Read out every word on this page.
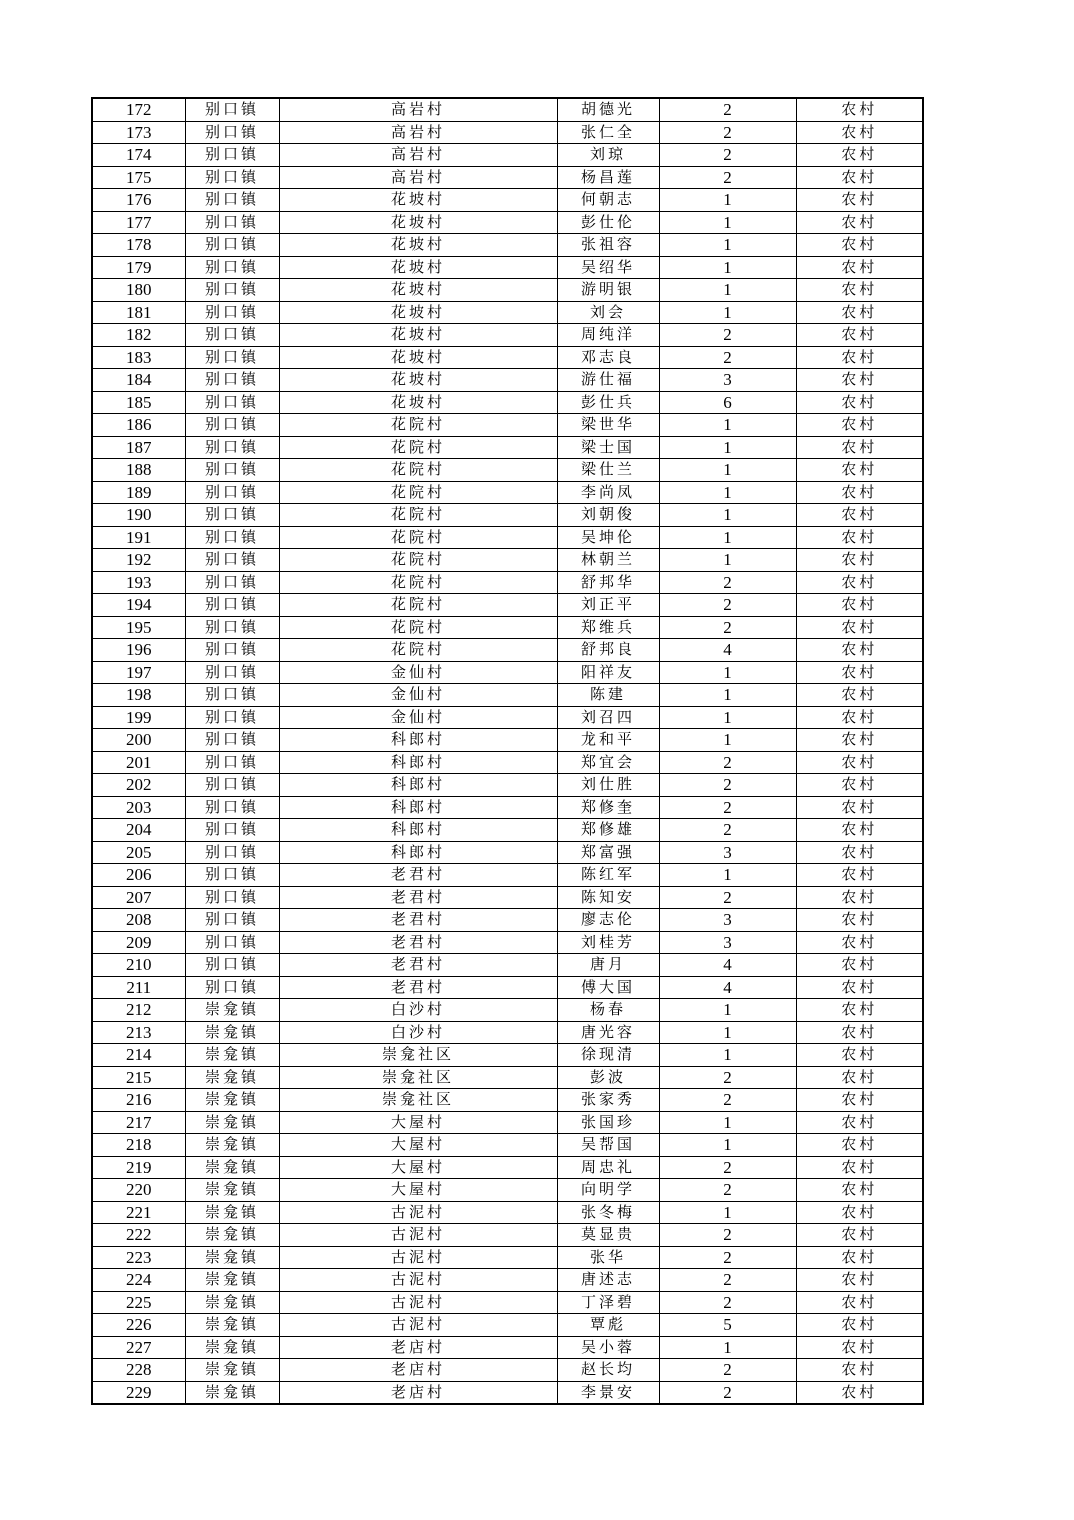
172	别口镇	高岩村	胡德光	2	农村
173	别口镇	高岩村	张仁全	2	农村
174	别口镇	高岩村	刘琼	2	农村
175	别口镇	高岩村	杨昌莲	2	农村
176	别口镇	花坡村	何朝志	1	农村
177	别口镇	花坡村	彭仕伦	1	农村
178	别口镇	花坡村	张祖容	1	农村
179	别口镇	花坡村	吴绍华	1	农村
180	别口镇	花坡村	游明银	1	农村
181	别口镇	花坡村	刘会	1	农村
182	别口镇	花坡村	周纯洋	2	农村
183	别口镇	花坡村	邓志良	2	农村
184	别口镇	花坡村	游仕福	3	农村
185	别口镇	花坡村	彭仕兵	6	农村
186	别口镇	花院村	梁世华	1	农村
187	别口镇	花院村	梁士国	1	农村
188	别口镇	花院村	梁仕兰	1	农村
189	别口镇	花院村	李尚凤	1	农村
190	别口镇	花院村	刘朝俊	1	农村
191	别口镇	花院村	吴坤伦	1	农村
192	别口镇	花院村	林朝兰	1	农村
193	别口镇	花院村	舒邦华	2	农村
194	别口镇	花院村	刘正平	2	农村
195	别口镇	花院村	郑维兵	2	农村
196	别口镇	花院村	舒邦良	4	农村
197	别口镇	金仙村	阳祥友	1	农村
198	别口镇	金仙村	陈建	1	农村
199	别口镇	金仙村	刘召四	1	农村
200	别口镇	科郎村	龙和平	1	农村
201	别口镇	科郎村	郑宜会	2	农村
202	别口镇	科郎村	刘仕胜	2	农村
203	别口镇	科郎村	郑修奎	2	农村
204	别口镇	科郎村	郑修雄	2	农村
205	别口镇	科郎村	郑富强	3	农村
206	别口镇	老君村	陈红军	1	农村
207	别口镇	老君村	陈知安	2	农村
208	别口镇	老君村	廖志伦	3	农村
209	别口镇	老君村	刘桂芳	3	农村
210	别口镇	老君村	唐月	4	农村
211	别口镇	老君村	傅大国	4	农村
212	崇龛镇	白沙村	杨春	1	农村
213	崇龛镇	白沙村	唐光容	1	农村
214	崇龛镇	崇龛社区	徐现清	1	农村
215	崇龛镇	崇龛社区	彭波	2	农村
216	崇龛镇	崇龛社区	张家秀	2	农村
217	崇龛镇	大屋村	张国珍	1	农村
218	崇龛镇	大屋村	吴帮国	1	农村
219	崇龛镇	大屋村	周忠礼	2	农村
220	崇龛镇	大屋村	向明学	2	农村
221	崇龛镇	古泥村	张冬梅	1	农村
222	崇龛镇	古泥村	莫显贵	2	农村
223	崇龛镇	古泥村	张华	2	农村
224	崇龛镇	古泥村	唐述志	2	农村
225	崇龛镇	古泥村	丁泽碧	2	农村
226	崇龛镇	古泥村	覃彪	5	农村
227	崇龛镇	老店村	吴小蓉	1	农村
228	崇龛镇	老店村	赵长均	2	农村
229	崇龛镇	老店村	李景安	2	农村
